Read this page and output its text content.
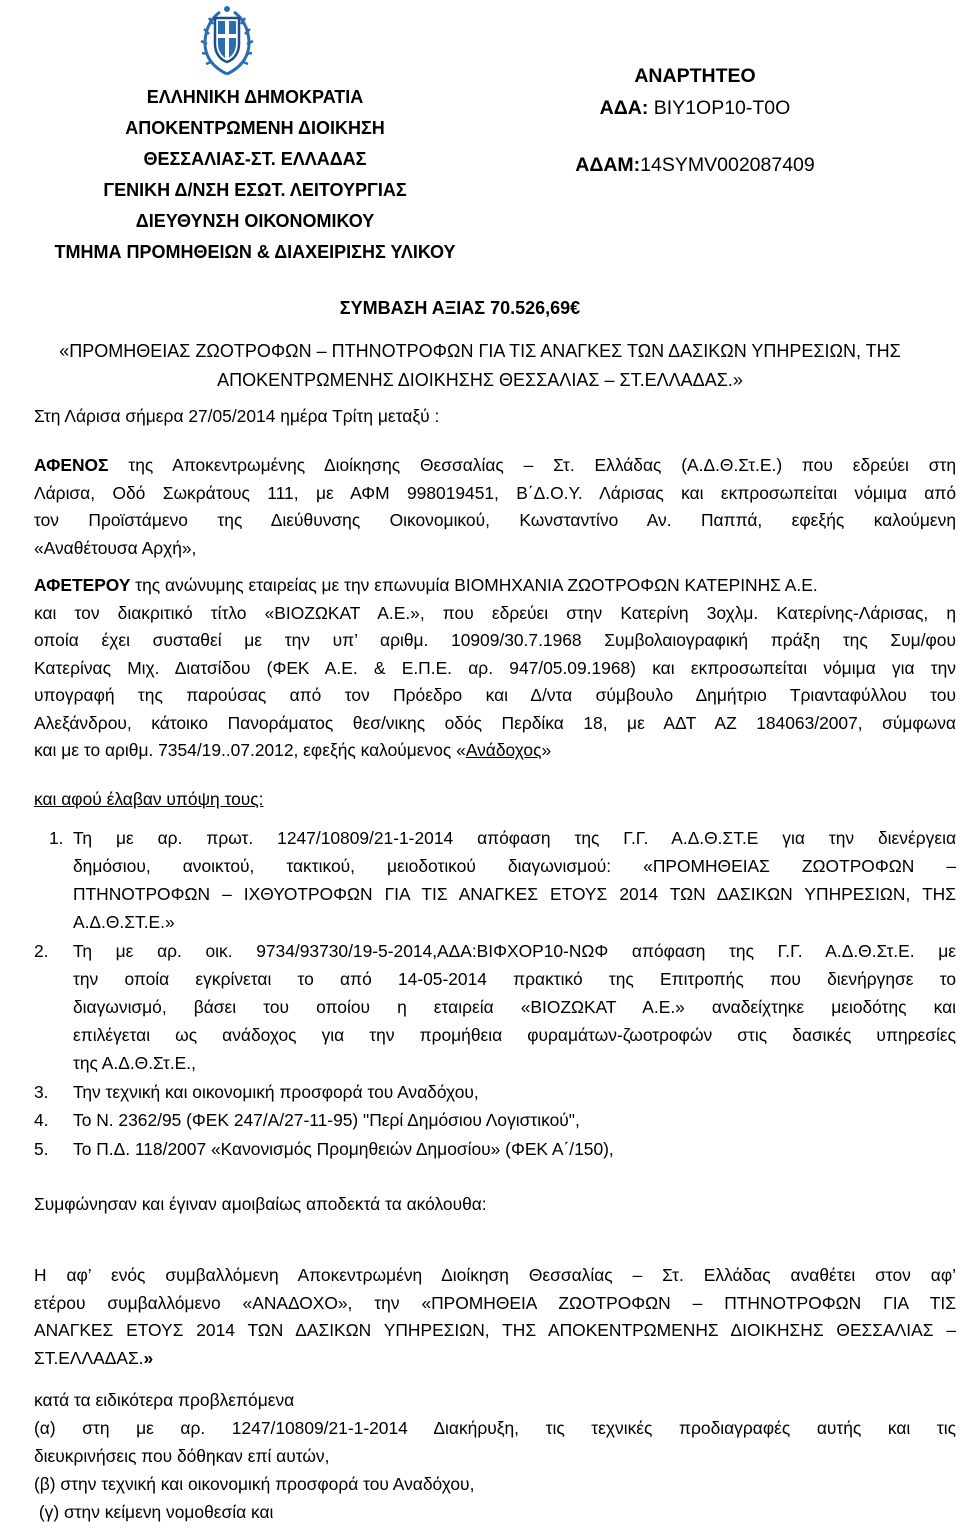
ΕΛΛΗΝΙΚΗ ΔΗΜΟΚΡΑΤΙΑ
ΑΠΟΚΕΝΤΡΩΜΕΝΗ ΔΙΟΙΚΗΣΗ
ΘΕΣΣΑΛΙΑΣ-ΣΤ. ΕΛΛΑΔΑΣ
ΓΕΝΙΚΗ Δ/ΝΣΗ ΕΣΩΤ. ΛΕΙΤΟΥΡΓΙΑΣ
ΔΙΕΥΘΥΝΣΗ ΟΙΚΟΝΟΜΙΚΟΥ
ΤΜΗΜΑ ΠΡΟΜΗΘΕΙΩΝ & ΔΙΑΧΕΙΡΙΣΗΣ ΥΛΙΚΟΥ
ΑΝΑΡΤΗΤΕΟ
ΑΔΑ: ΒΙΥ1ΟΡ10-Τ0Ο
ΑΔΑΜ:14SYMV002087409
ΣΥΜΒΑΣΗ ΑΞΙΑΣ 70.526,69€
«ΠΡΟΜΗΘΕΙΑΣ ΖΩΟΤΡΟΦΩΝ – ΠΤΗΝΟΤΡΟΦΩΝ ΓΙΑ ΤΙΣ ΑΝΑΓΚΕΣ ΤΩΝ ΔΑΣΙΚΩΝ ΥΠΗΡΕΣΙΩΝ, ΤΗΣ
ΑΠΟΚΕΝΤΡΩΜΕΝΗΣ ΔΙΟΙΚΗΣΗΣ ΘΕΣΣΑΛΙΑΣ – ΣΤ.ΕΛΛΑΔΑΣ.»
Στη Λάρισα σήμερα 27/05/2014 ημέρα Τρίτη μεταξύ :
ΑΦΕΝΟΣ της Αποκεντρωμένης Διοίκησης Θεσσαλίας – Στ. Ελλάδας (Α.Δ.Θ.Στ.Ε.) που εδρεύει στη
Λάρισα, Οδό Σωκράτους 111, με ΑΦΜ 998019451, Β΄Δ.Ο.Υ. Λάρισας και εκπροσωπείται νόμιμα από
τον Προϊστάμενο της Διεύθυνσης Οικονομικού, Κωνσταντίνο Αν. Παππά, εφεξής καλούμενη
«Αναθέτουσα Αρχή»,
ΑΦΕΤΕΡΟΥ της ανώνυμης εταιρείας με την επωνυμία ΒΙΟΜΗΧΑΝΙΑ ΖΩΟΤΡΟΦΩΝ ΚΑΤΕΡΙΝΗΣ Α.Ε.
και τον διακριτικό τίτλο «ΒΙΟΖΩΚΑΤ Α.Ε.», που εδρεύει στην Κατερίνη 3οχλμ. Κατερίνης-Λάρισας, η
οποία έχει συσταθεί με την υπ’ αριθμ. 10909/30.7.1968 Συμβολαιογραφική πράξη της Συμ/φου
Κατερίνας Μιχ. Διατσίδου (ΦΕΚ Α.Ε. & Ε.Π.Ε. αρ. 947/05.09.1968) και εκπροσωπείται νόμιμα για την
υπογραφή της παρούσας από τον Πρόεδρο και Δ/ντα σύμβουλο Δημήτριο Τριανταφύλλου του
Αλεξάνδρου, κάτοικο Πανοράματος θεσ/νικης οδός Περδίκα 18, με ΑΔΤ ΑΖ 184063/2007, σύμφωνα
και με το αριθμ. 7354/19..07.2012, εφεξής καλούμενος «Ανάδοχος»
και αφού έλαβαν υπόψη τους:
1. Τη με αρ. πρωτ. 1247/10809/21-1-2014 απόφαση της Γ.Γ. Α.Δ.Θ.ΣΤ.Ε για την διενέργεια
δημόσιου, ανοικτού, τακτικού, μειοδοτικού διαγωνισμού: «ΠΡΟΜΗΘΕΙΑΣ ΖΩΟΤΡΟΦΩΝ –
ΠΤΗΝΟΤΡΟΦΩΝ – ΙΧΘΥΟΤΡΟΦΩΝ ΓΙΑ ΤΙΣ ΑΝΑΓΚΕΣ ΕΤΟΥΣ 2014 ΤΩΝ ΔΑΣΙΚΩΝ ΥΠΗΡΕΣΙΩΝ, ΤΗΣ
Α.Δ.Θ.ΣΤ.Ε.»
2.	Τη με αρ. οικ. 9734/93730/19-5-2014,ΑΔΑ:ΒΙΦΧΟΡ10-ΝΩΦ απόφαση της Γ.Γ. Α.Δ.Θ.Στ.Ε. με
την οποία εγκρίνεται το από 14-05-2014 πρακτικό της Επιτροπής που διενήργησε το
διαγωνισμό, βάσει του οποίου η εταιρεία «ΒΙΟΖΩΚΑΤ Α.Ε.» αναδείχτηκε μειοδότης και
επιλέγεται ως ανάδοχος για την προμήθεια φυραμάτων-ζωοτροφών στις δασικές υπηρεσίες
της Α.Δ.Θ.Στ.Ε.,
3.	Την τεχνική και οικονομική προσφορά του Αναδόχου,
4.	Το Ν. 2362/95 (ΦΕΚ 247/Α/27-11-95) "Περί Δημόσιου Λογιστικού",
5.	Το Π.Δ. 118/2007 «Κανονισμός Προμηθειών Δημοσίου» (ΦΕΚ Α΄/150),
Συμφώνησαν και έγιναν αμοιβαίως αποδεκτά τα ακόλουθα:
Η αφ’ ενός συμβαλλόμενη Αποκεντρωμένη Διοίκηση Θεσσαλίας – Στ. Ελλάδας αναθέτει στον αφ’
ετέρου συμβαλλόμενο «ΑΝΑΔΟΧΟ», την «ΠΡΟΜΗΘΕΙΑ ΖΩΟΤΡΟΦΩΝ – ΠΤΗΝΟΤΡΟΦΩΝ ΓΙΑ ΤΙΣ
ΑΝΑΓΚΕΣ ΕΤΟΥΣ 2014 ΤΩΝ ΔΑΣΙΚΩΝ ΥΠΗΡΕΣΙΩΝ, ΤΗΣ ΑΠΟΚΕΝΤΡΩΜΕΝΗΣ ΔΙΟΙΚΗΣΗΣ ΘΕΣΣΑΛΙΑΣ –
ΣΤ.ΕΛΛΑΔΑΣ.»
κατά τα ειδικότερα προβλεπόμενα
(α) στη με αρ. 1247/10809/21-1-2014 Διακήρυξη, τις τεχνικές προδιαγραφές αυτής και τις
διευκρινήσεις που δόθηκαν επί αυτών,
(β) στην τεχνική και οικονομική προσφορά του Αναδόχου,
(γ) στην κείμενη νομοθεσία και
